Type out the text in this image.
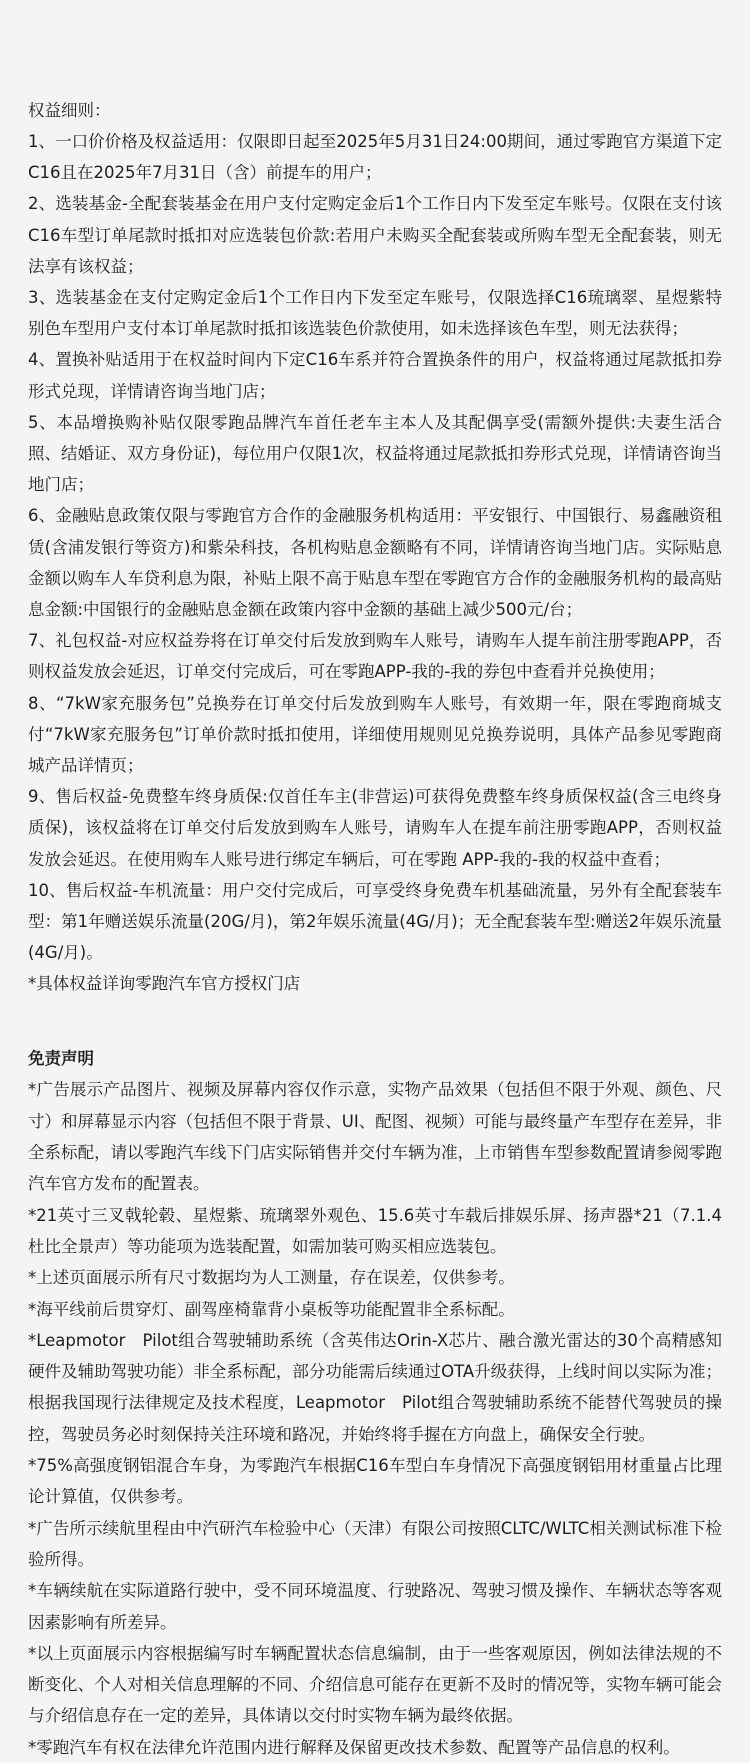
权益细则：

1、一口价价格及权益适用：仅限即日起至2025年5月31日24:00期间，通过零跑官方渠道下定C16且在2025年7月31日（含）前提车的用户；

2、选装基金-全配套装基金在用户支付定购定金后1个工作日内下发至定车账号。仅限在支付该C16车型订单尾款时抵扣对应选装包价款:若用户未购买全配套装或所购车型无全配套装，则无法享有该权益；

3、选装基金在支付定购定金后1个工作日内下发至定车账号，仅限选择C16琉璃翠、星煜紫特别色车型用户支付本订单尾款时抵扣该选装色价款使用，如未选择该色车型，则无法获得；

4、置换补贴适用于在权益时间内下定C16车系并符合置换条件的用户，权益将通过尾款抵扣券形式兑现，详情请咨询当地门店；

5、本品增换购补贴仅限零跑品牌汽车首任老车主本人及其配偶享受(需额外提供:夫妻生活合照、结婚证、双方身份证)，每位用户仅限1次，权益将通过尾款抵扣券形式兑现，详情请咨询当地门店；

6、金融贴息政策仅限与零跑官方合作的金融服务机构适用：平安银行、中国银行、易鑫融资租赁(含浦发银行等资方)和紫朵科技，各机构贴息金额略有不同，详情请咨询当地门店。实际贴息金额以购车人车贷利息为限，补贴上限不高于贴息车型在零跑官方合作的金融服务机构的最高贴息金额:中国银行的金融贴息金额在政策内容中金额的基础上减少500元/台；

7、礼包权益-对应权益券将在订单交付后发放到购车人账号，请购车人提车前注册零跑APP，否则权益发放会延迟，订单交付完成后，可在零跑APP-我的-我的券包中查看并兑换使用；

8、“7kW家充服务包”兑换券在订单交付后发放到购车人账号，有效期一年，限在零跑商城支付“7kW家充服务包”订单价款时抵扣使用，详细使用规则见兑换券说明，具体产品参见零跑商城产品详情页；

9、售后权益-免费整车终身质保:仅首任车主(非营运)可获得免费整车终身质保权益(含三电终身质保)，该权益将在订单交付后发放到购车人账号，请购车人在提车前注册零跑APP，否则权益发放会延迟。在使用购车人账号进行绑定车辆后，可在零跑 APP-我的-我的权益中查看；

10、售后权益-车机流量：用户交付完成后，可享受终身免费车机基础流量，另外有全配套装车型：第1年赠送娱乐流量(20G/月)，第2年娱乐流量(4G/月)；无全配套装车型:赠送2年娱乐流量(4G/月)。

*具体权益详询零跑汽车官方授权门店

免责声明

*广告展示产品图片、视频及屏幕内容仅作示意，实物产品效果（包括但不限于外观、颜色、尺寸）和屏幕显示内容（包括但不限于背景、UI、配图、视频）可能与最终量产车型存在差异，非全系标配，请以零跑汽车线下门店实际销售并交付车辆为准，上市销售车型参数配置请参阅零跑汽车官方发布的配置表。

*21英寸三叉戟轮毂、星煜紫、琉璃翠外观色、15.6英寸车载后排娱乐屏、扬声器*21（7.1.4杜比全景声）等功能项为选装配置，如需加装可购买相应选装包。

*上述页面展示所有尺寸数据均为人工测量，存在误差，仅供参考。

*海平线前后贯穿灯、副驾座椅靠背小桌板等功能配置非全系标配。

*Leapmotor　Pilot组合驾驶辅助系统（含英伟达Orin-X芯片、融合激光雷达的30个高精感知硬件及辅助驾驶功能）非全系标配，部分功能需后续通过OTA升级获得，上线时间以实际为准；根据我国现行法律规定及技术程度，Leapmotor　Pilot组合驾驶辅助系统不能替代驾驶员的操控，驾驶员务必时刻保持关注环境和路况，并始终将手握在方向盘上，确保安全行驶。

*75%高强度钢铝混合车身，为零跑汽车根据C16车型白车身情况下高强度钢铝用材重量占比理论计算值，仅供参考。

*广告所示续航里程由中汽研汽车检验中心（天津）有限公司按照CLTC/WLTC相关测试标准下检验所得。

*车辆续航在实际道路行驶中，受不同环境温度、行驶路况、驾驶习惯及操作、车辆状态等客观因素影响有所差异。

*以上页面展示内容根据编写时车辆配置状态信息编制，由于一些客观原因，例如法律法规的不断变化、个人对相关信息理解的不同、介绍信息可能存在更新不及时的情况等，实物车辆可能会与介绍信息存在一定的差异，具体请以交付时实物车辆为最终依据。

*零跑汽车有权在法律允许范围内进行解释及保留更改技术参数、配置等产品信息的权利。
